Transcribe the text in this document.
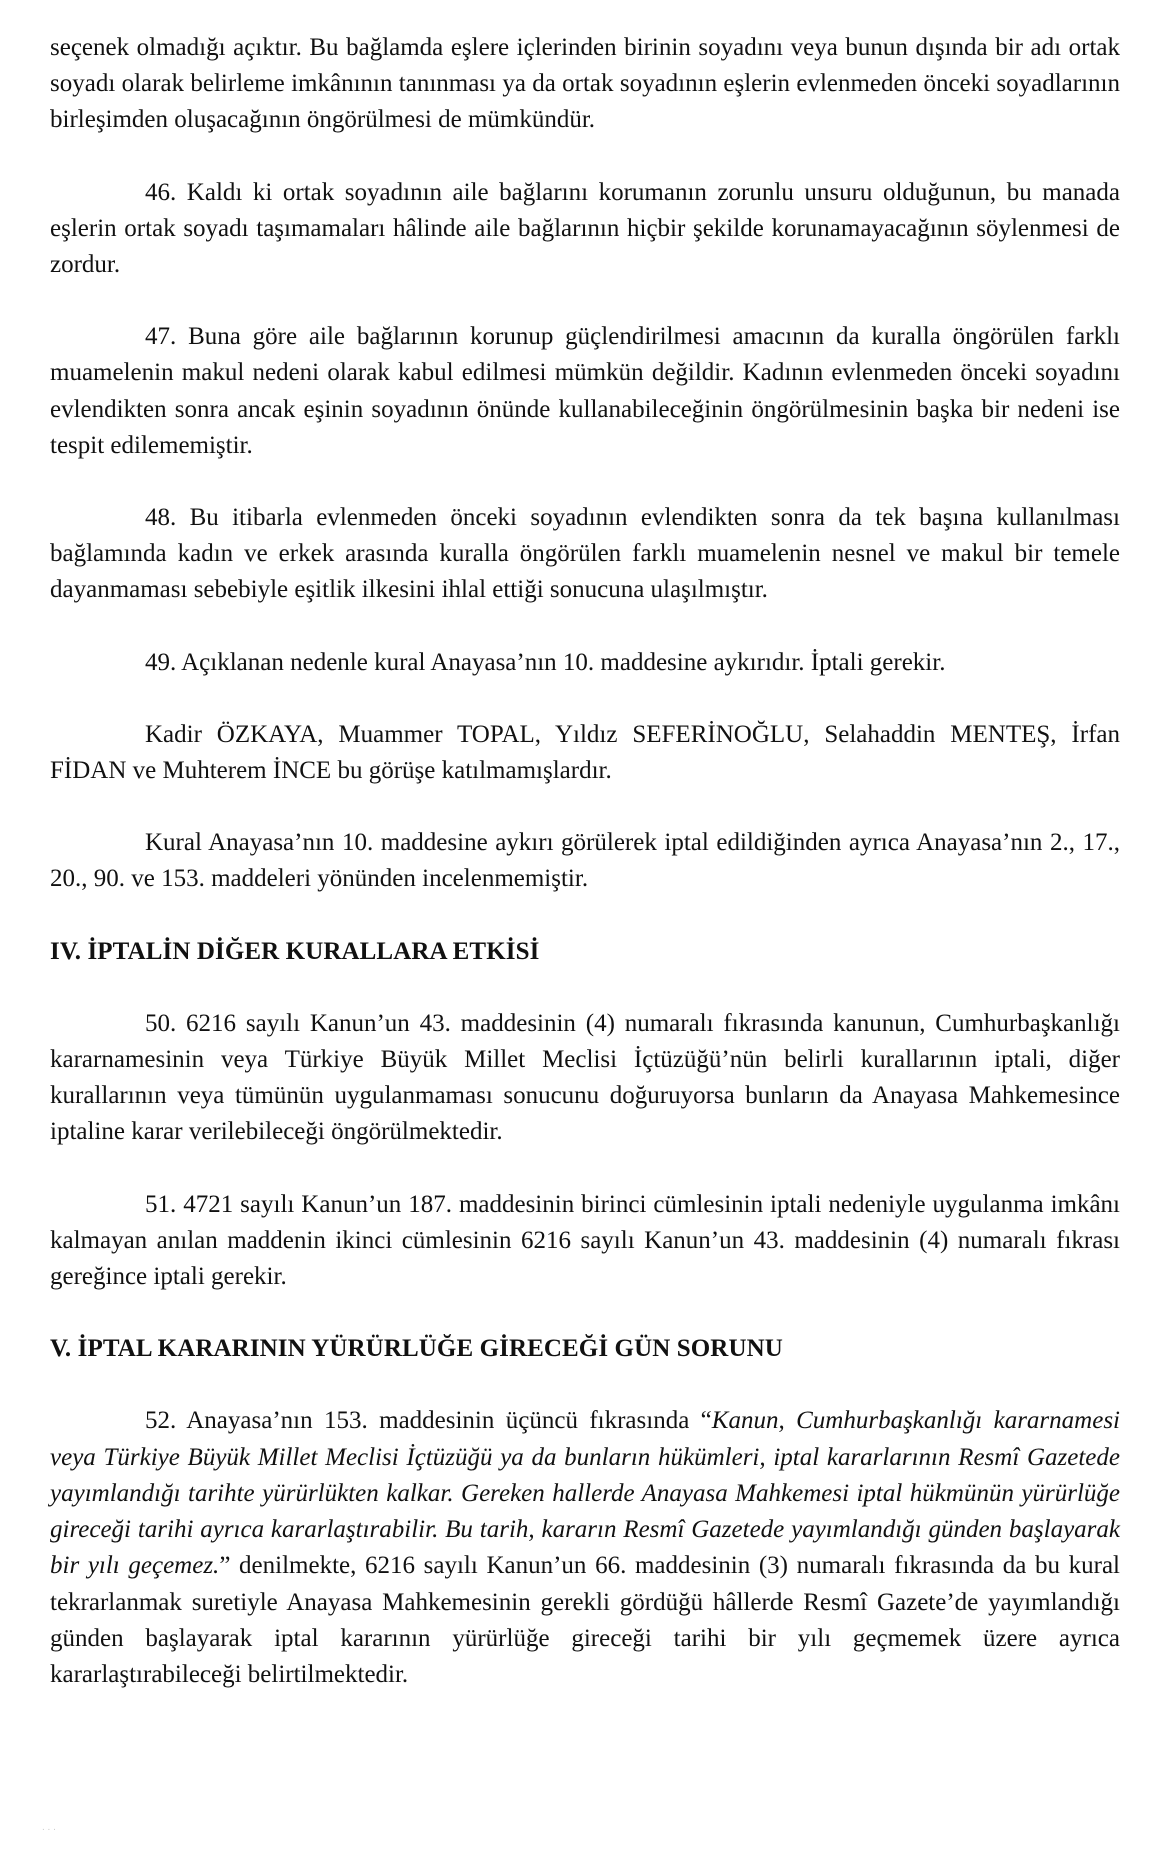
seçenek olmadığı açıktır. Bu bağlamda eşlere içlerinden birinin soyadını veya bunun dışında bir adı ortak soyadı olarak belirleme imkânının tanınması ya da ortak soyadının eşlerin evlenmeden önceki soyadlarının birleşimden oluşacağının öngörülmesi de mümkündür.

46. Kaldı ki ortak soyadının aile bağlarını korumanın zorunlu unsuru olduğunun, bu manada eşlerin ortak soyadı taşımamaları hâlinde aile bağlarının hiçbir şekilde korunamayacağının söylenmesi de zordur.

47. Buna göre aile bağlarının korunup güçlendirilmesi amacının da kuralla öngörülen farklı muamelenin makul nedeni olarak kabul edilmesi mümkün değildir. Kadının evlenmeden önceki soyadını evlendikten sonra ancak eşinin soyadının önünde kullanabileceğinin öngörülmesinin başka bir nedeni ise tespit edilememiştir.

48. Bu itibarla evlenmeden önceki soyadının evlendikten sonra da tek başına kullanılması bağlamında kadın ve erkek arasında kuralla öngörülen farklı muamelenin nesnel ve makul bir temele dayanmaması sebebiyle eşitlik ilkesini ihlal ettiği sonucuna ulaşılmıştır.

49. Açıklanan nedenle kural Anayasa’nın 10. maddesine aykırıdır. İptali gerekir.

Kadir ÖZKAYA, Muammer TOPAL, Yıldız SEFERİNOĞLU, Selahaddin MENTEŞ, İrfan FİDAN ve Muhterem İNCE bu görüşe katılmamışlardır.

Kural Anayasa’nın 10. maddesine aykırı görülerek iptal edildiğinden ayrıca Anayasa’nın 2., 17., 20., 90. ve 153. maddeleri yönünden incelenmemiştir.

IV. İPTALİN DİĞER KURALLARA ETKİSİ

50. 6216 sayılı Kanun’un 43. maddesinin (4) numaralı fıkrasında kanunun, Cumhurbaşkanlığı kararnamesinin veya Türkiye Büyük Millet Meclisi İçtüzüğü’nün belirli kurallarının iptali, diğer kurallarının veya tümünün uygulanmaması sonucunu doğuruyorsa bunların da Anayasa Mahkemesince iptaline karar verilebileceği öngörülmektedir.

51. 4721 sayılı Kanun’un 187. maddesinin birinci cümlesinin iptali nedeniyle uygulanma imkânı kalmayan anılan maddenin ikinci cümlesinin 6216 sayılı Kanun’un 43. maddesinin (4) numaralı fıkrası gereğince iptali gerekir.

V. İPTAL KARARININ YÜRÜRLÜĞE GİRECEĞİ GÜN SORUNU

52. Anayasa’nın 153. maddesinin üçüncü fıkrasında “Kanun, Cumhurbaşkanlığı kararnamesi veya Türkiye Büyük Millet Meclisi İçtüzüğü ya da bunların hükümleri, iptal kararlarının Resmî Gazetede yayımlandığı tarihte yürürlükten kalkar. Gereken hallerde Anayasa Mahkemesi iptal hükmünün yürürlüğe gireceği tarihi ayrıca kararlaştırabilir. Bu tarih, kararın Resmî Gazetede yayımlandığı günden başlayarak bir yılı geçemez.” denilmekte, 6216 sayılı Kanun’un 66. maddesinin (3) numaralı fıkrasında da bu kural tekrarlanmak suretiyle Anayasa Mahkemesinin gerekli gördüğü hâllerde Resmî Gazete’de yayımlandığı günden başlayarak iptal kararının yürürlüğe gireceği tarihi bir yılı geçmemek üzere ayrıca kararlaştırabileceği belirtilmektedir.

. . .
